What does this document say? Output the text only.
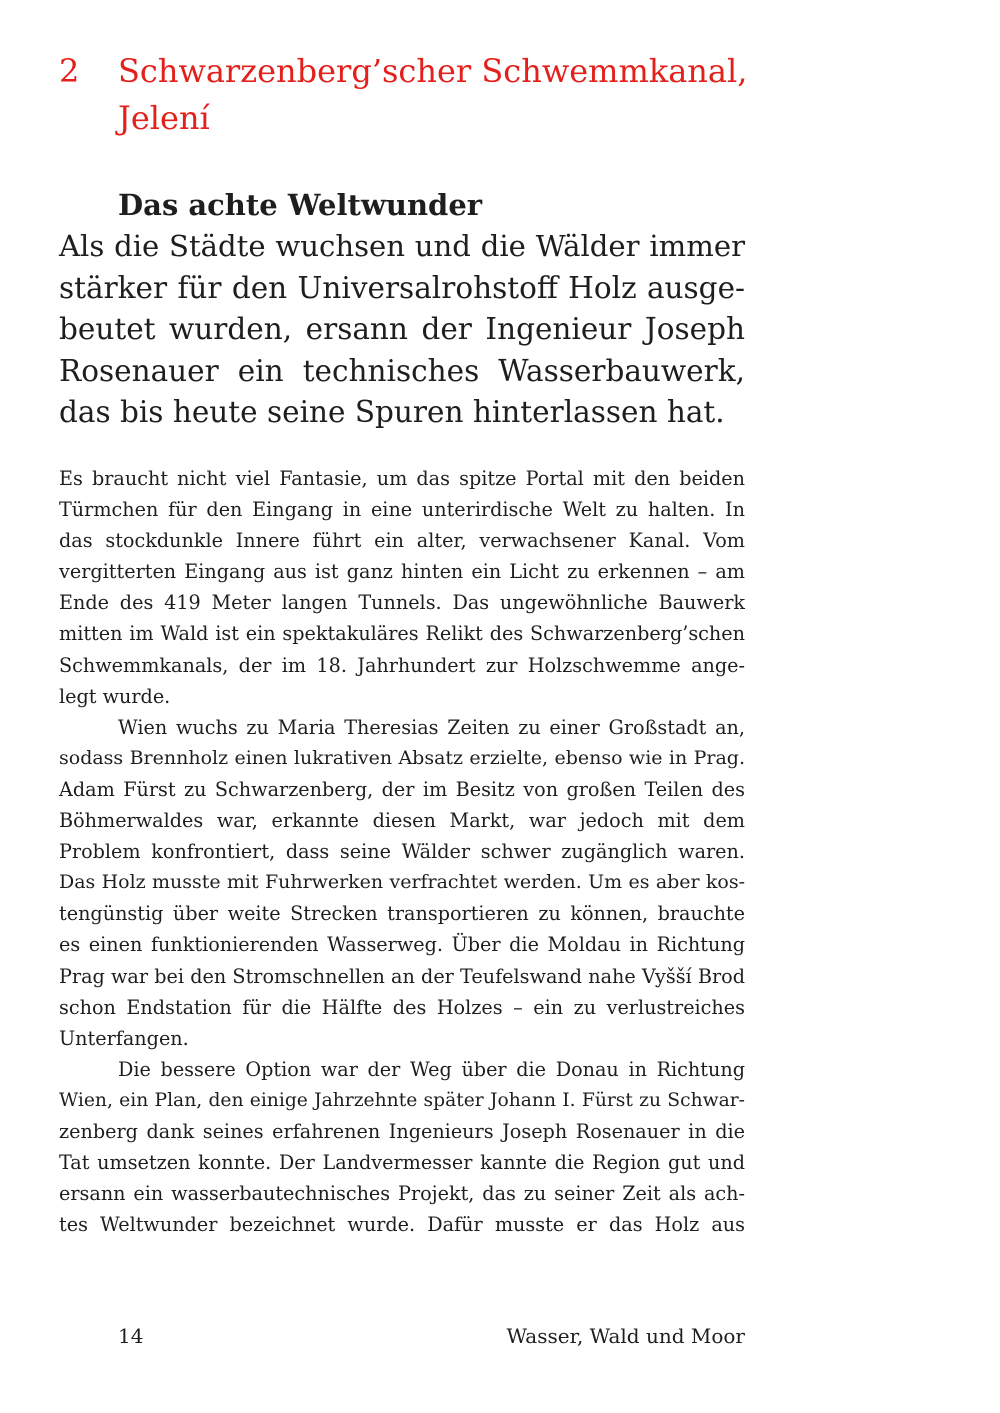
2 Schwarzenberg’scher Schwemmkanal,
Jelení
Das achte Weltwunder
Als die Städte wuchsen und die Wälder immer
stärker für den Universalrohstoff Holz ausge-
beutet wurden, ersann der Ingenieur Joseph
Rosenauer ein technisches Wasserbauwerk,
das bis heute seine Spuren hinterlassen hat.
Es braucht nicht viel Fantasie, um das spitze Portal mit den beiden
Türmchen für den Eingang in eine unterirdische Welt zu halten. In
das stockdunkle Innere führt ein alter, verwachsener Kanal. Vom
vergitterten Eingang aus ist ganz hinten ein Licht zu erkennen – am
Ende des 419 Meter langen Tunnels. Das ungewöhnliche Bauwerk
mitten im Wald ist ein spektakuläres Relikt des Schwarzenberg’schen
Schwemmkanals, der im 18. Jahrhundert zur Holzschwemme ange-
legt wurde.
Wien wuchs zu Maria Theresias Zeiten zu einer Großstadt an,
sodass Brennholz einen lukrativen Absatz erzielte, ebenso wie in Prag.
Adam Fürst zu Schwarzenberg, der im Besitz von großen Teilen des
Böhmerwaldes war, erkannte diesen Markt, war jedoch mit dem
Problem konfrontiert, dass seine Wälder schwer zugänglich waren.
Das Holz musste mit Fuhrwerken verfrachtet werden. Um es aber kos-
tengünstig über weite Strecken transportieren zu können, brauchte
es einen funktionierenden Wasserweg. Über die Moldau in Richtung
Prag war bei den Stromschnellen an der Teufelswand nahe Vyšší Brod
schon Endstation für die Hälfte des Holzes – ein zu verlustreiches
Unterfangen.
Die bessere Option war der Weg über die Donau in Richtung
Wien, ein Plan, den einige Jahrzehnte später Johann I. Fürst zu Schwar-
zenberg dank seines erfahrenen Ingenieurs Joseph Rosenauer in die
Tat umsetzen konnte. Der Landvermesser kannte die Region gut und
ersann ein wasserbautechnisches Projekt, das zu seiner Zeit als ach-
tes Weltwunder bezeichnet wurde. Dafür musste er das Holz aus
14	Wasser, Wald und Moor
